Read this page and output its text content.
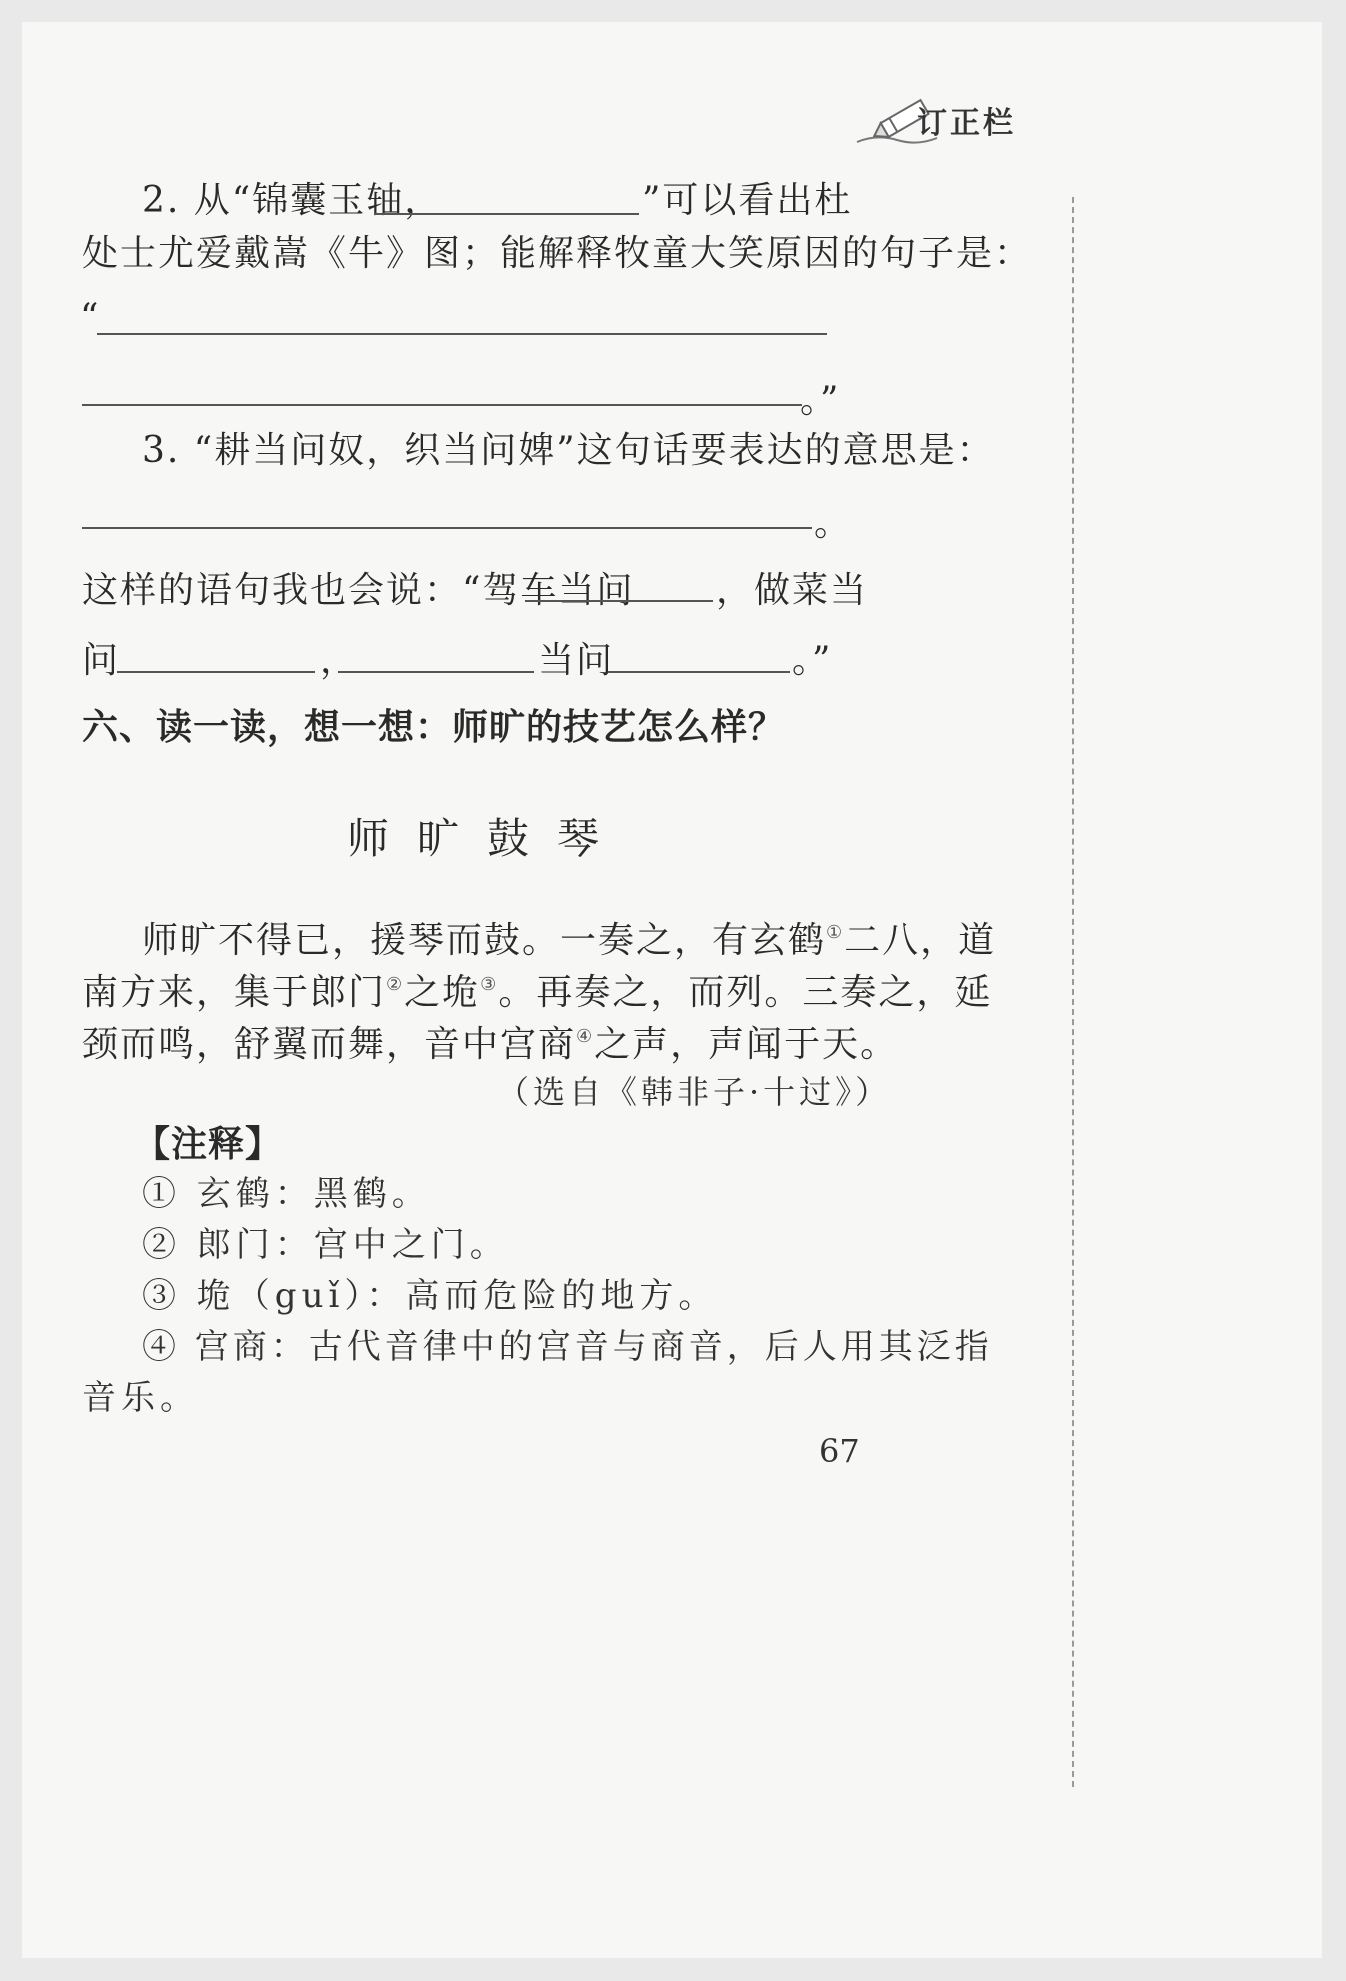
订正栏
2. 从“锦囊玉轴，	”可以看出杜
处士尤爱戴嵩《牛》图；能解释牧童大笑原因的句子是：
“
。”
3. “耕当问奴，织当问婢”这句话要表达的意思是：
。
这样的语句我也会说：“驾车当问 ，做菜当
问	，	当问	。”
六、读一读，想一想：师旷的技艺怎么样？
师旷鼓琴
师旷不得已，援琴而鼓。一奏之，有玄鹤①二八，道
南方来，集于郎门②之垝③。再奏之，而列。三奏之，延
颈而鸣，舒翼而舞，音中宫商④之声，声闻于天。
（选自《韩非子·十过》）
【注释】
① 玄鹤：黑鹤。
② 郎门：宫中之门。
③ 垝（guǐ）：高而危险的地方。
④ 宫商：古代音律中的宫音与商音，后人用其泛指
音乐。
67
